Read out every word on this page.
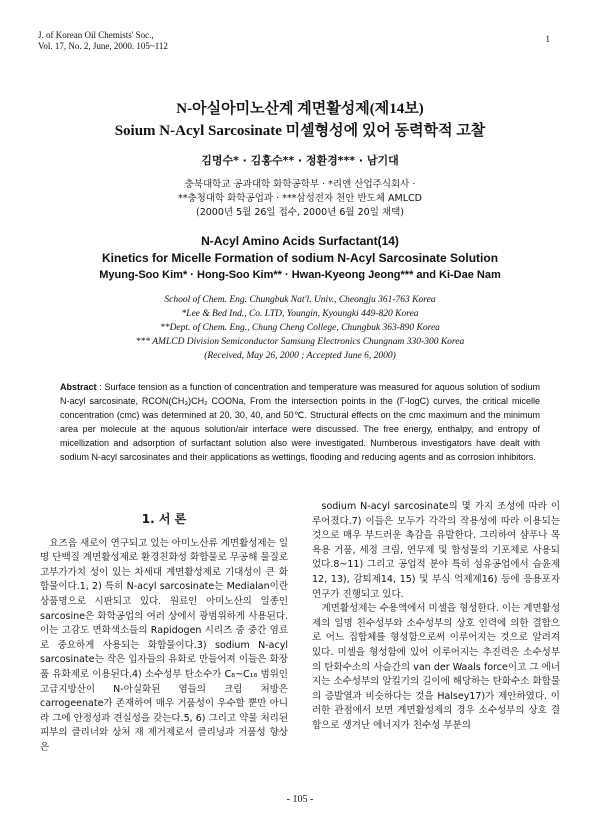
J. of Korean Oil Chemists' Soc.,
Vol. 17, No. 2, June, 2000. 105~112
1
N-아실아미노산계 계면활성제(제14보)
Soium N-Acyl Sarcosinate 미셀형성에 있어 동력학적 고찰
김명수* · 김홍수** · 정환경*** · 남기대
충북대학교 공과대학 화학공학부 · *리엔 산업주식회사 ·
**충청대학 화학공업과 · ***삼성전자 천안 반도체 AMLCD
(2000년 5월 26일 접수, 2000년 6월 20일 채택)
N-Acyl Amino Acids Surfactant(14)
Kinetics for Micelle Formation of sodium N-Acyl Sarcosinate Solution
Myung-Soo Kim* · Hong-Soo Kim** · Hwan-Kyeong Jeong*** and Ki-Dae Nam
School of Chem. Eng. Chungbuk Nat'l. Univ., Cheongju 361-763 Korea
*Lee & Bed Ind., Co. LTD, Youngin, Kyoungki 449-820 Korea
**Dept. of Chem. Eng., Chung Cheng College, Chungbuk 363-890 Korea
*** AMLCD Division Semiconductor Samsung Electronics Chungnam 330-300 Korea
(Received, May 26, 2000 ; Accepted June 6, 2000)
Abstract : Surface tension as a function of concentration and temperature was measured for aquous solution of sodium N-acyl sarcosinate, RCON(CH₃)CH₂ COONa, From the intersection points in the (Γ-logC) curves, the critical micelle concentration (cmc) was determined at 20, 30, 40, and 50℃. Structural effects on the cmc maximum and the minimum area per molecule at the aquous solution/air interface were discussed. The free energy, enthalpy, and entropy of micellization and adsorption of surfactant solution also were investigated. Numberous investigators have dealt with sodium N-acyl sarcosinates and their applications as wettings, flooding and reducing agents and as corrosion inhibitors.
1. 서 론

요즈음 새로이 연구되고 있는 아미노산류 계면활성제는 일명 단백질 계면활성제로 환경친화성 화합물로 무공해 물질로 고부가가치 성이 있는 차세대 계면활성제로 기대성이 큰 화합물이다.1, 2) 특히 N-acyl sarcosinate는 Medialan이란 상품명으로 시판되고 있다. 원료인 아미노산의 일종인 sarcosine은 화학공업의 여러 상에서 광범위하게 사용된다. 이는 고감도 면화색소들의 Rapidogen 시리즈 중 중간 염료로 중요하게 사용되는 화합물이다.3) sodium N-acyl sarcosinate는 작은 입자들의 유화로 만들어져 이들은 화장품 유화제로 이용된다.4) 소수성부 탄소수가 C₈~C₁₈ 범위인 고급지방산이 N-아실화된 염들의 크림 처방은 carrogeenate가 존재하여 매우 거품성이 우수할 뿐만 아니라 그에 안정성과 견실성을 갖는다.5, 6) 그리고 약물 처리된 피부의 클리너와 상처 재 제거제로서 클리닝과 거품성 향상은

sodium N-acyl sarcosinate의 몇 가지 조성에 따라 이루어졌다.7) 이들은 모두가 각각의 작용성에 따라 이용되는 것으로 매우 부드러운 촉감을 유발한다. 그리하여 샴푸나 목욕용 거품, 세정 크림, 연무제 및 합성물의 기포제로 사용되었다.8~11) 그리고 공업적 분야 특히 섬유공업에서 습윤제12, 13), 감퇴제14, 15) 및 부식 억제제16) 등에 응용포자 연구가 진행되고 있다.

계면활성제는 수용액에서 미셀을 형성한다. 이는 계면활성제의 일명 친수성부와 소수성부의 상호 인력에 의한 결합으로 어느 집합체를 형성함으로써 이루어지는 것으로 알려져 있다. 미셀을 형성함에 있어 이루어지는 추진력은 소수성부의 탄화수소의 사슬간의 van der Waals force이고 그 에너지는 소수성부의 알킬기의 길이에 해당하는 탄화수소 화합물의 증발열과 비슷하다는 것을 Halsey17)가 제안하였다. 이러한 관점에서 보면 계면활성제의 경우 소수성부의 상호 결합으로 생겨난 에너지가 친수성 부분의

- 105 -
